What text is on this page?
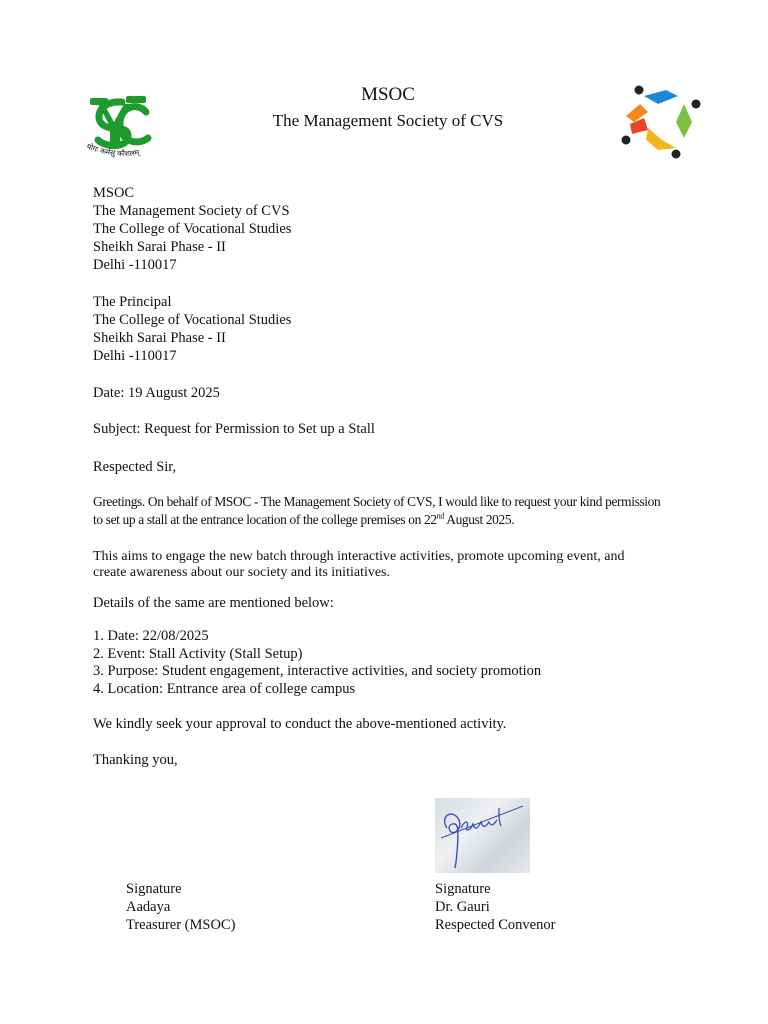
MSOC
The Management Society of CVS
योगः कर्मसु कौशलम्
MSOC
The Management Society of CVS
The College of Vocational Studies
Sheikh Sarai Phase - II
Delhi -110017
The Principal
The College of Vocational Studies
Sheikh Sarai Phase - II
Delhi -110017
Date: 19 August 2025
Subject: Request for Permission to Set up a Stall
Respected Sir,
Greetings. On behalf of MSOC - The Management Society of CVS, I would like to request your kind permission
to set up a stall at the entrance location of the college premises on 22nd August 2025.
This aims to engage the new batch through interactive activities, promote upcoming event, and
create awareness about our society and its initiatives.
Details of the same are mentioned below:
1. Date: 22/08/2025
2. Event: Stall Activity (Stall Setup)
3. Purpose: Student engagement, interactive activities, and society promotion
4. Location: Entrance area of college campus
We kindly seek your approval to conduct the above-mentioned activity.
Thanking you,
Signature
Aadaya
Treasurer (MSOC)
Signature
Dr. Gauri
Respected Convenor
